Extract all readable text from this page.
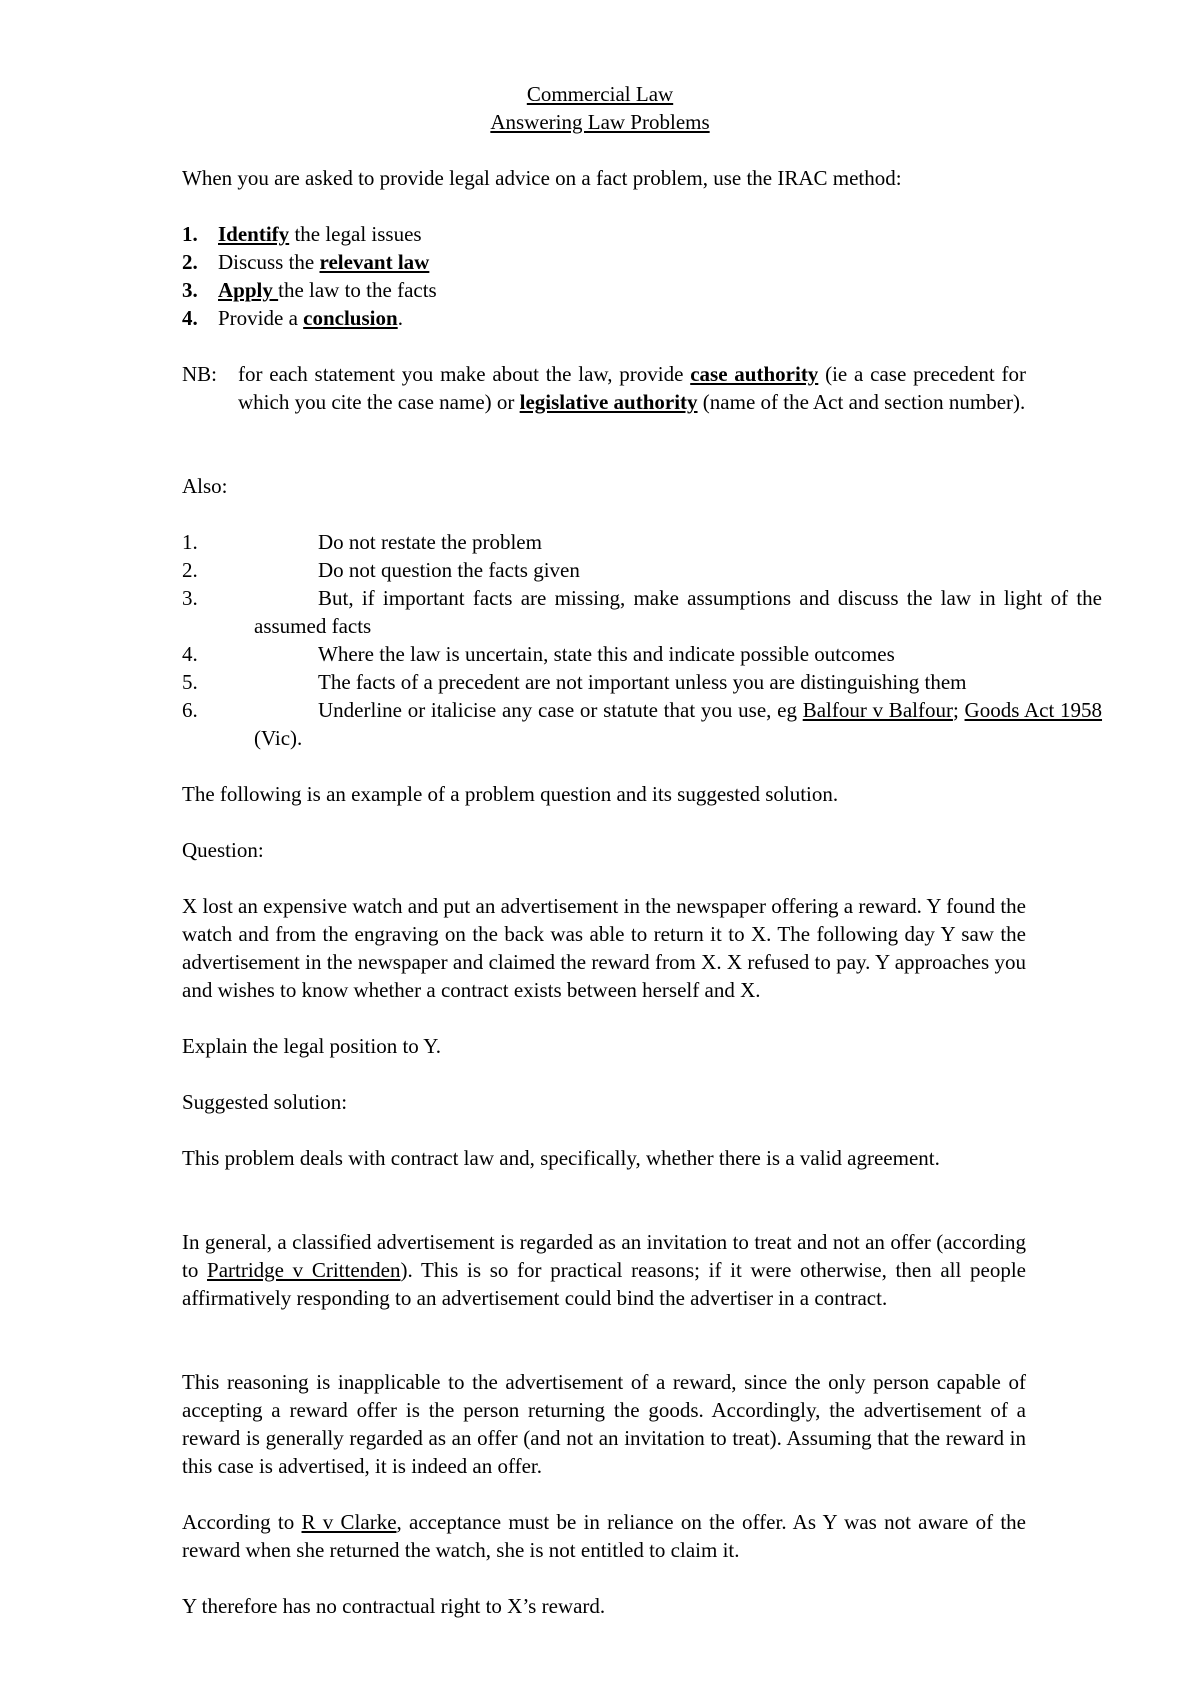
Commercial Law
Answering Law Problems

When you are asked to provide legal advice on a fact problem, use the IRAC method:

1. Identify the legal issues
2. Discuss the relevant law
3. Apply the law to the facts
4. Provide a conclusion.
NB: for each statement you make about the law, provide case authority (ie a case precedent for which you cite the case name) or legislative authority (name of the Act and section number).

Also:

1.	Do not restate the problem
2.	Do not question the facts given
3.	But, if important facts are missing, make assumptions and discuss the law in light of the assumed facts
4.	Where the law is uncertain, state this and indicate possible outcomes
5.	The facts of a precedent are not important unless you are distinguishing them
6.	Underline or italicise any case or statute that you use, eg Balfour v Balfour; Goods Act 1958 (Vic).

The following is an example of a problem question and its suggested solution.

Question:

X lost an expensive watch and put an advertisement in the newspaper offering a reward. Y found the watch and from the engraving on the back was able to return it to X. The following day Y saw the advertisement in the newspaper and claimed the reward from X. X refused to pay. Y approaches you and wishes to know whether a contract exists between herself and X.

Explain the legal position to Y.

Suggested solution:

This problem deals with contract law and, specifically, whether there is a valid agreement.

In general, a classified advertisement is regarded as an invitation to treat and not an offer (according to Partridge v Crittenden). This is so for practical reasons; if it were otherwise, then all people affirmatively responding to an advertisement could bind the advertiser in a contract.

This reasoning is inapplicable to the advertisement of a reward, since the only person capable of accepting a reward offer is the person returning the goods. Accordingly, the advertisement of a reward is generally regarded as an offer (and not an invitation to treat). Assuming that the reward in this case is advertised, it is indeed an offer.

According to R v Clarke, acceptance must be in reliance on the offer. As Y was not aware of the reward when she returned the watch, she is not entitled to claim it.

Y therefore has no contractual right to X’s reward.
